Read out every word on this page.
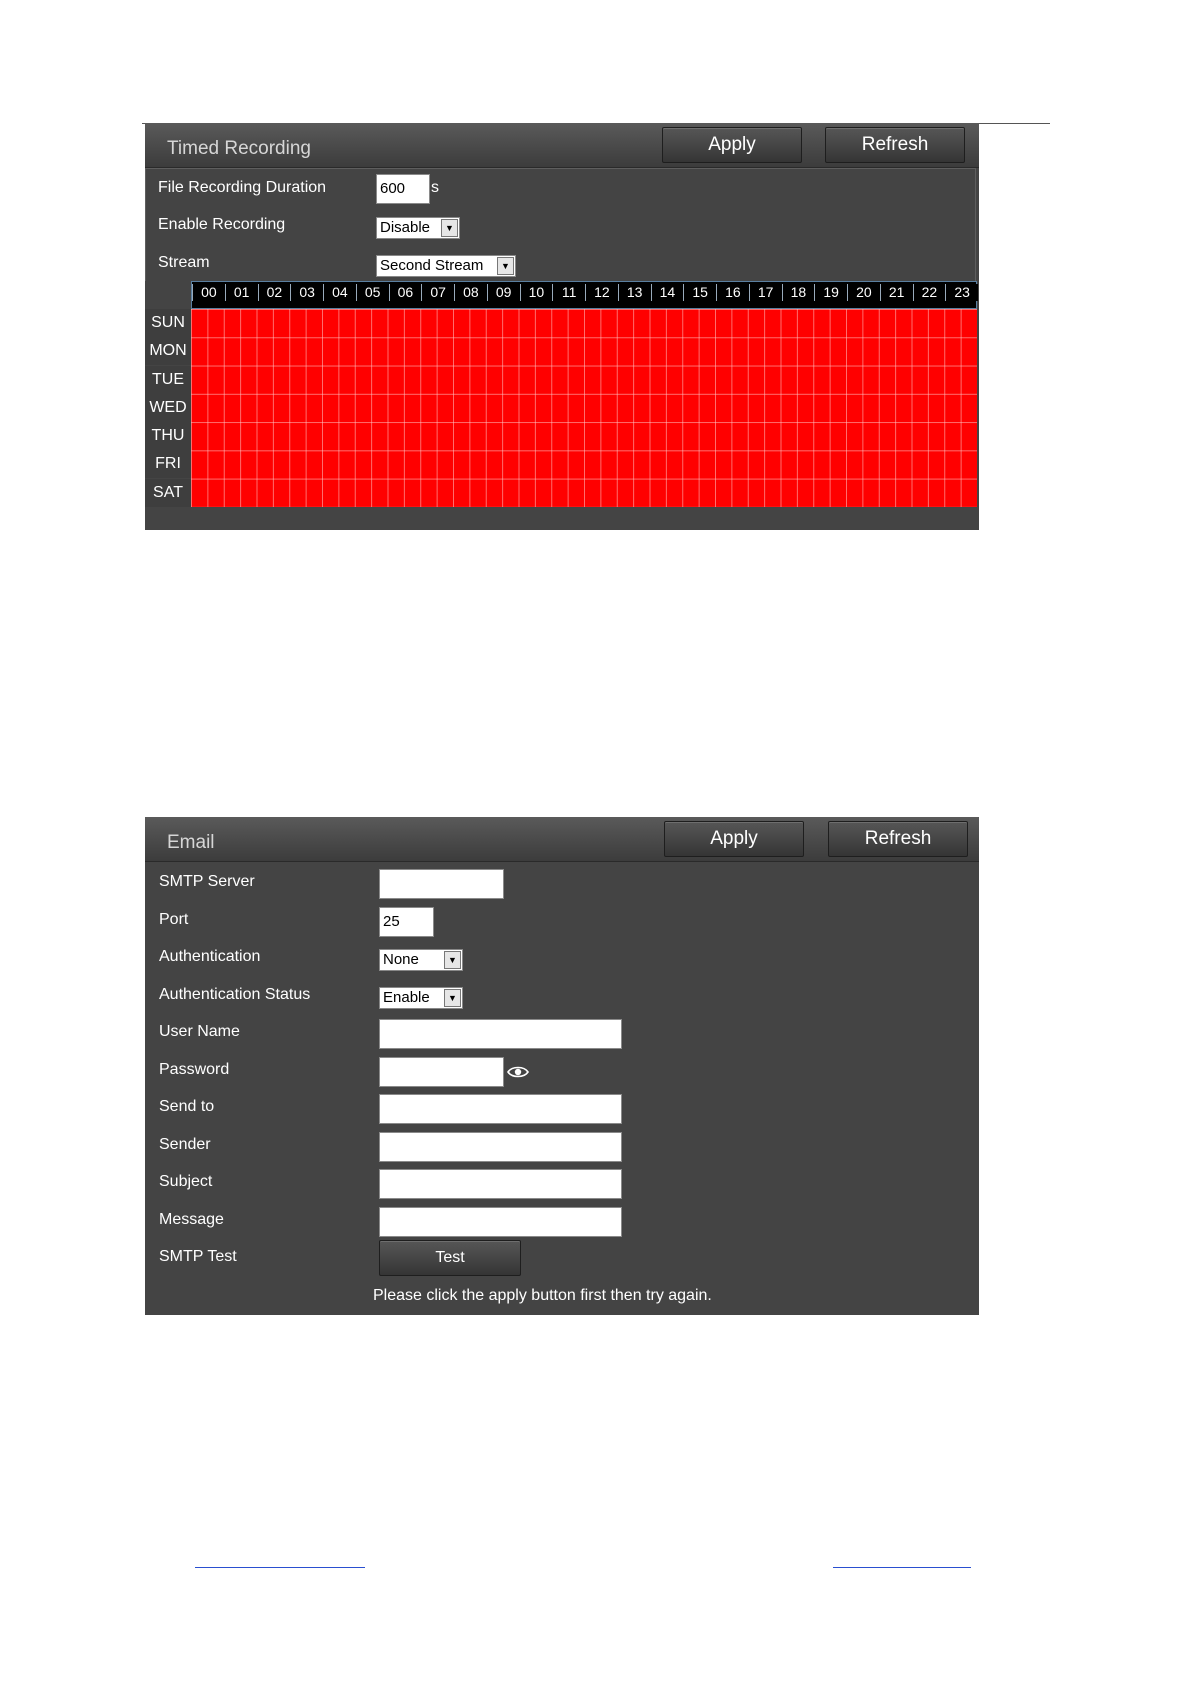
Timed Recording	Apply	Refresh
File Recording Duration	600	s
Enable Recording	Disable	▼
Stream	Second Stream	▼
00	01	02	03	04	05	06	07	08	09	10	11	12	13	14	15	16	17	18	19	20	21	22	23
SUN
MON
TUE
WED
THU
FRI
SAT
Email	Apply	Refresh
SMTP Server
Port	25
Authentication	None	▼
Authentication Status	Enable	▼
User Name
Password
Send to
Sender
Subject
Message
SMTP Test	Test
Please click the apply button first then try again.
